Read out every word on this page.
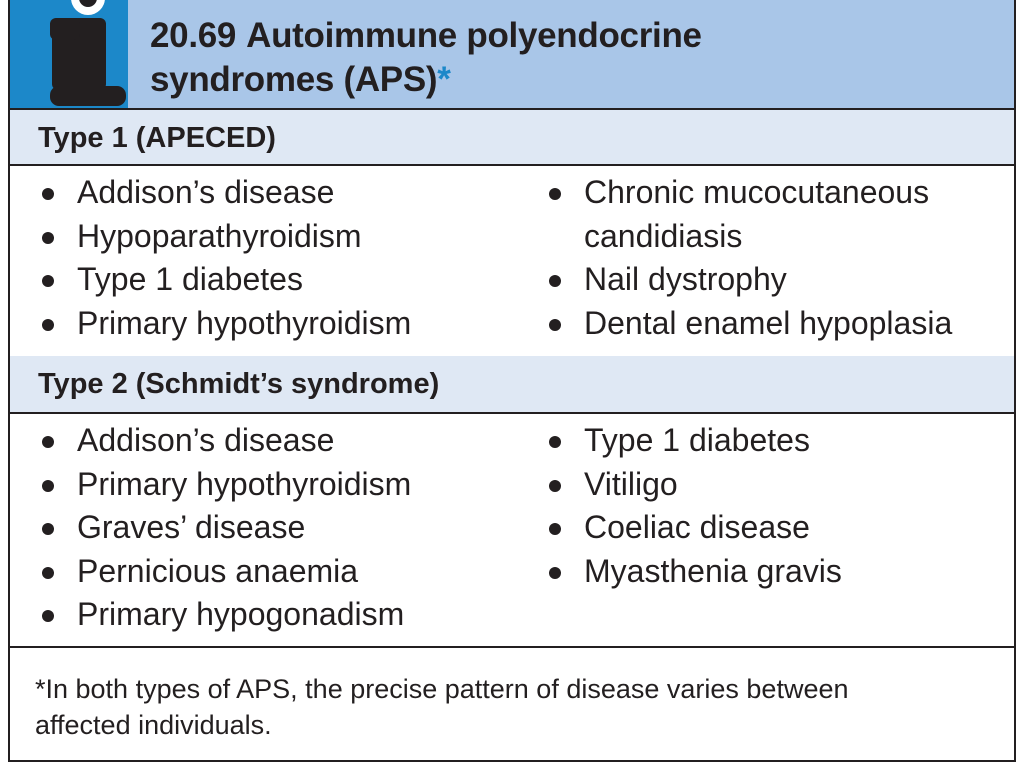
20.69 Autoimmune polyendocrine
syndromes (APS)*
Type 1 (APECED)
Addison’s disease
Hypoparathyroidism
Type 1 diabetes
Primary hypothyroidism
Chronic mucocutaneous
candidiasis
Nail dystrophy
Dental enamel hypoplasia
Type 2 (Schmidt’s syndrome)
Addison’s disease
Primary hypothyroidism
Graves’ disease
Pernicious anaemia
Primary hypogonadism
Type 1 diabetes
Vitiligo
Coeliac disease
Myasthenia gravis
*In both types of APS, the precise pattern of disease varies between
affected individuals.
